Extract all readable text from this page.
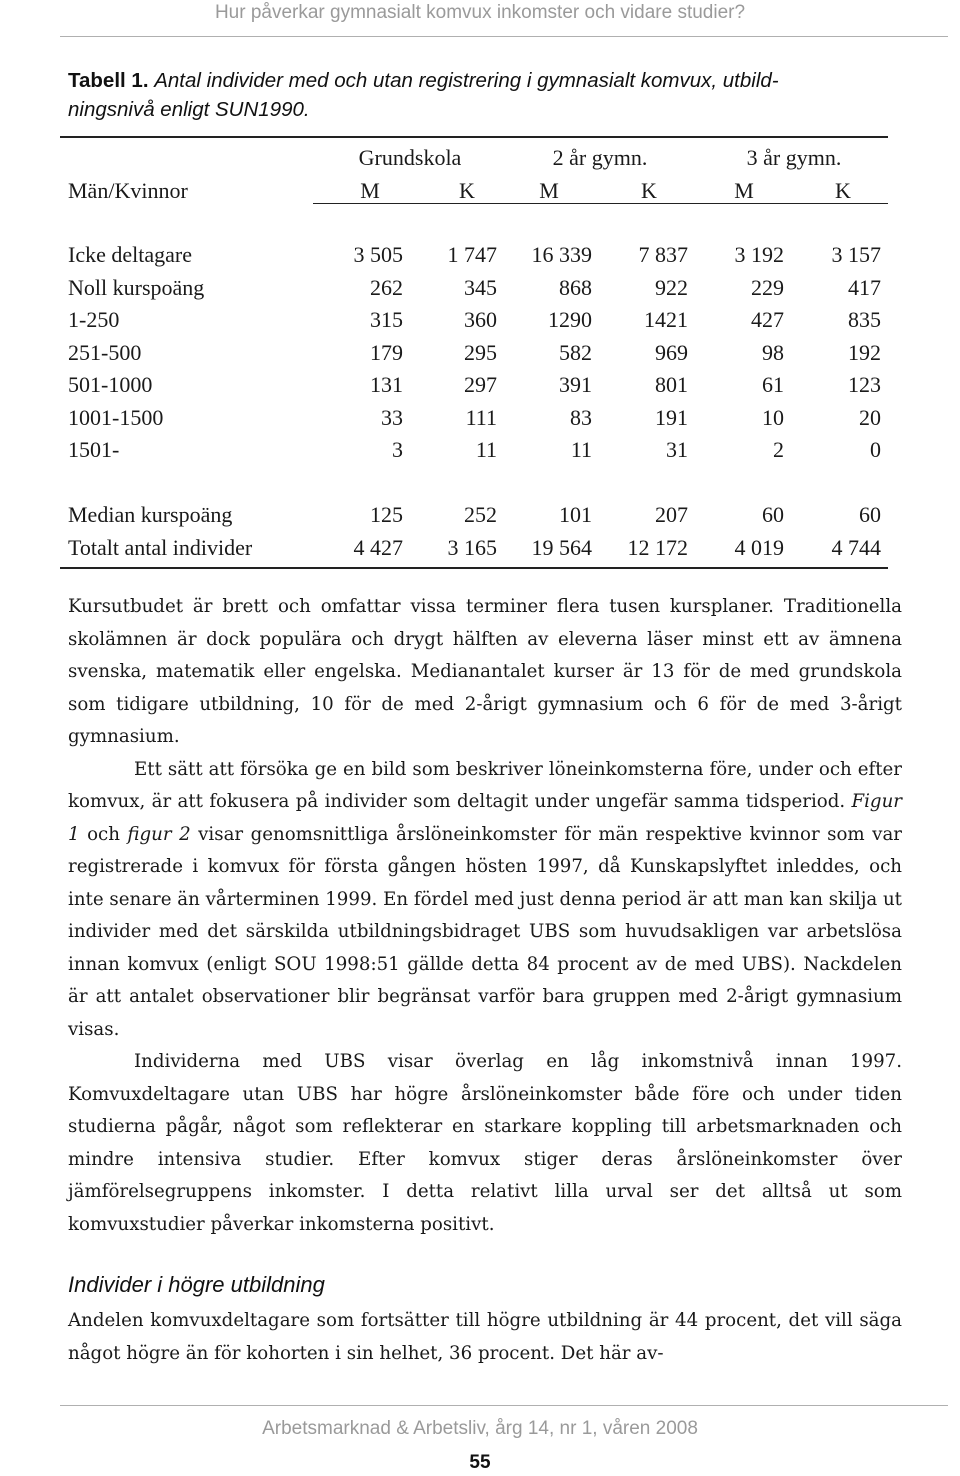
Hur påverkar gymnasialt komvux inkomster och vidare studier?
Tabell 1. Antal individer med och utan registrering i gymnasialt komvux, utbild-
ningsnivå enligt SUN1990.
Grundskola	2 år gymn.	3 år gymn.
Män/Kvinnor	M	K	M	K	M	K
Icke deltagare	3 505	1 747	16 339	7 837	3 192	3 157
Noll kurspoäng	262	345	868	922	229	417
1-250	315	360	1290	1421	427	835
251-500	179	295	582	969	98	192
501-1000	131	297	391	801	61	123
1001-1500	33	111	83	191	10	20
1501-	3	11	11	31	2	0
Median kurspoäng	125	252	101	207	60	60
Totalt antal individer	4 427	3 165	19 564	12 172	4 019	4 744

Kursutbudet är brett och omfattar vissa terminer flera tusen kursplaner. Traditionella skolämnen är dock populära och drygt hälften av eleverna läser minst ett av ämnena svenska, matematik eller engelska. Medianantalet kurser är 13 för de med grundskola som tidigare utbildning, 10 för de med 2-årigt gymnasium och 6 för de med 3-årigt gymnasium.

Ett sätt att försöka ge en bild som beskriver löneinkomsterna före, under och efter komvux, är att fokusera på individer som deltagit under ungefär samma tidsperiod. Figur 1 och figur 2 visar genomsnittliga årslöneinkomster för män respektive kvinnor som var registrerade i komvux för första gången hösten 1997, då Kunskapslyftet inleddes, och inte senare än vårterminen 1999. En fördel med just denna period är att man kan skilja ut individer med det särskilda utbildningsbidraget UBS som huvudsakligen var arbetslösa innan komvux (enligt SOU 1998:51 gällde detta 84 procent av de med UBS). Nackdelen är att antalet observationer blir begränsat varför bara gruppen med 2-årigt gymnasium visas.

Individerna med UBS visar överlag en låg inkomstnivå innan 1997. Komvuxdeltagare utan UBS har högre årslöneinkomster både före och under tiden studierna pågår, något som reflekterar en starkare koppling till arbetsmarknaden och mindre intensiva studier. Efter komvux stiger deras årslöneinkomster över jämförelsegruppens inkomster. I detta relativt lilla urval ser det alltså ut som komvuxstudier påverkar inkomsterna positivt.

Individer i högre utbildning

Andelen komvuxdeltagare som fortsätter till högre utbildning är 44 procent, det vill säga något högre än för kohorten i sin helhet, 36 procent. Det här av-

Arbetsmarknad & Arbetsliv, årg 14, nr 1, våren 2008
55
